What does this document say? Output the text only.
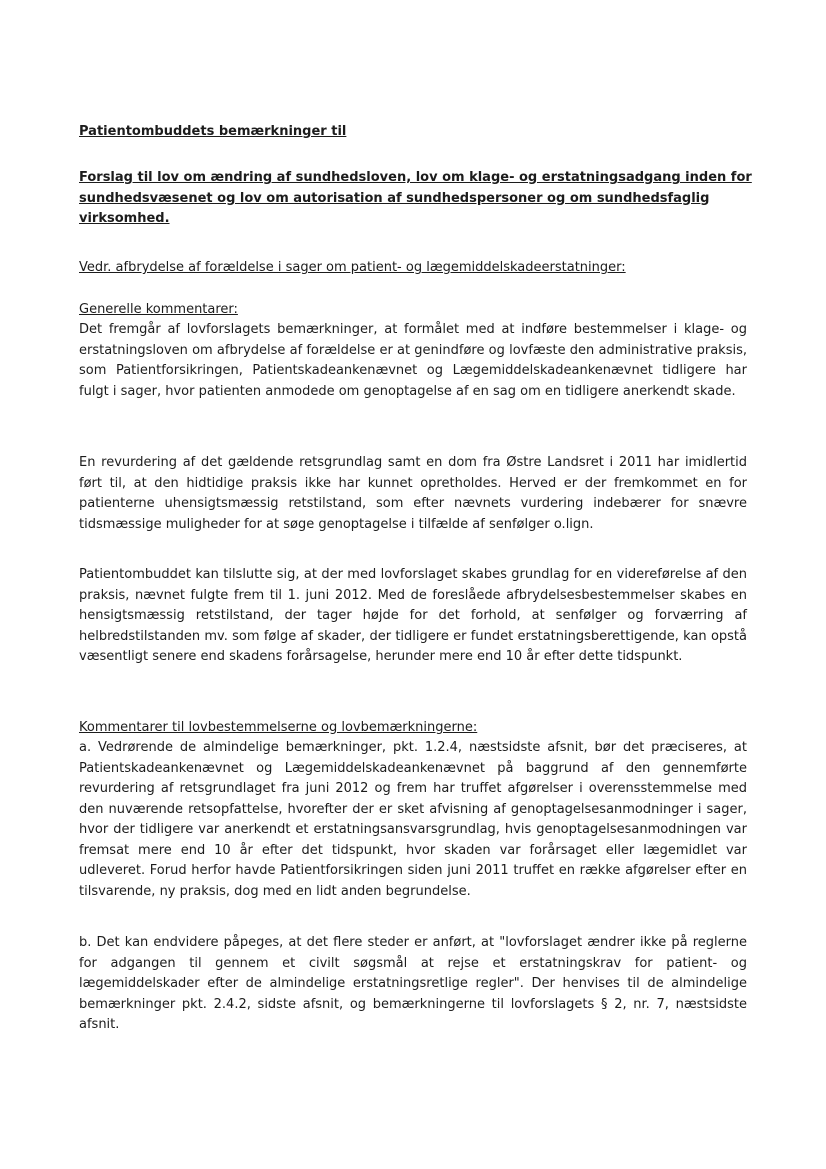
Patientombuddets bemærkninger til
Forslag til lov om ændring af sundhedsloven, lov om klage- og erstatningsadgang inden for sundhedsvæsenet og lov om autorisation af sundhedspersoner og om sundhedsfaglig virksomhed.

Vedr. afbrydelse af forældelse i sager om patient- og lægemiddelskadeerstatninger:

Generelle kommentarer:

Det fremgår af lovforslagets bemærkninger, at formålet med at indføre bestemmelser i klage- og erstatningsloven om afbrydelse af forældelse er at genindføre og lovfæste den administrative praksis, som Patientforsikringen, Patientskadeankenævnet og Lægemiddelskadeankenævnet tidligere har fulgt i sager, hvor patienten anmodede om genoptagelse af en sag om en tidligere anerkendt skade.

En revurdering af det gældende retsgrundlag samt en dom fra Østre Landsret i 2011 har imidlertid ført til, at den hidtidige praksis ikke har kunnet opretholdes. Herved er der fremkommet en for patienterne uhensigtsmæssig retstilstand, som efter nævnets vurdering indebærer for snævre tidsmæssige muligheder for at søge genoptagelse i tilfælde af senfølger o.lign.

Patientombuddet kan tilslutte sig, at der med lovforslaget skabes grundlag for en videreførelse af den praksis, nævnet fulgte frem til 1. juni 2012. Med de foreslåede afbrydelsesbestemmelser skabes en hensigtsmæssig retstilstand, der tager højde for det forhold, at senfølger og forværring af helbredstilstanden mv. som følge af skader, der tidligere er fundet erstatningsberettigende, kan opstå væsentligt senere end skadens forårsagelse, herunder mere end 10 år efter dette tidspunkt.

Kommentarer til lovbestemmelserne og lovbemærkningerne:

a. Vedrørende de almindelige bemærkninger, pkt. 1.2.4, næstsidste afsnit, bør det præciseres, at Patientskadeankenævnet og Lægemiddelskadeankenævnet på baggrund af den gennemførte revurdering af retsgrundlaget fra juni 2012 og frem har truffet afgørelser i overensstemmelse med den nuværende retsopfattelse, hvorefter der er sket afvisning af genoptagelsesanmodninger i sager, hvor der tidligere var anerkendt et erstatningsansvarsgrundlag, hvis genoptagelsesanmodningen var fremsat mere end 10 år efter det tidspunkt, hvor skaden var forårsaget eller lægemidlet var udleveret. Forud herfor havde Patientforsikringen siden juni 2011 truffet en række afgørelser efter en tilsvarende, ny praksis, dog med en lidt anden begrundelse.

b. Det kan endvidere påpeges, at det flere steder er anført, at "lovforslaget ændrer ikke på reglerne for adgangen til gennem et civilt søgsmål at rejse et erstatningskrav for patient- og lægemiddelskader efter de almindelige erstatningsretlige regler". Der henvises til de almindelige bemærkninger pkt. 2.4.2, sidste afsnit, og bemærkningerne til lovforslagets § 2, nr. 7, næstsidste afsnit.
